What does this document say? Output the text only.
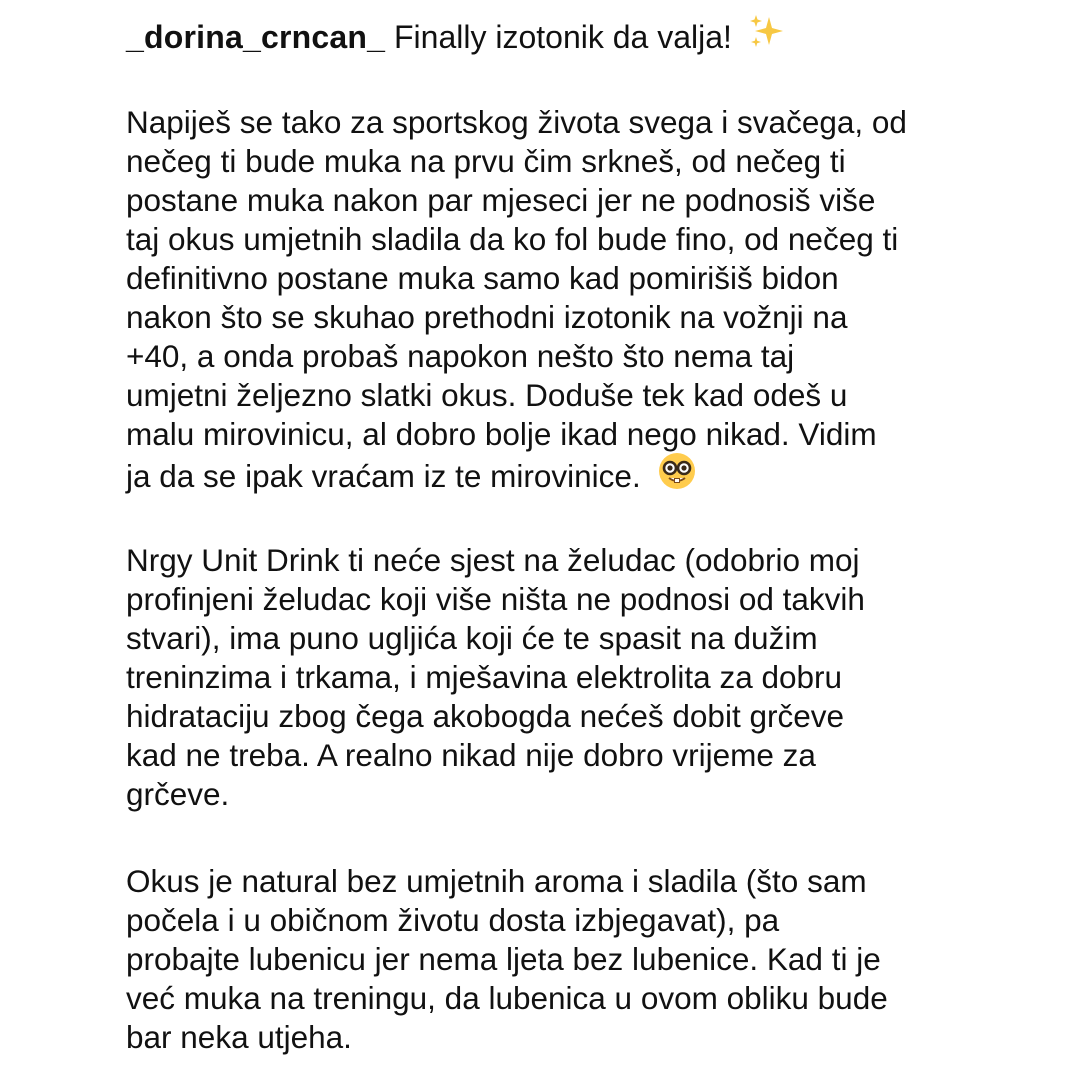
_dorina_crncan_ Finally izotonik da valja!
Napiješ se tako za sportskog života svega i svačega, od
nečeg ti bude muka na prvu čim srkneš, od nečeg ti
postane muka nakon par mjeseci jer ne podnosiš više
taj okus umjetnih sladila da ko fol bude fino, od nečeg ti
definitivno postane muka samo kad pomirišiš bidon
nakon što se skuhao prethodni izotonik na vožnji na
+40, a onda probaš napokon nešto što nema taj
umjetni željezno slatki okus. Doduše tek kad odeš u
malu mirovinicu, al dobro bolje ikad nego nikad. Vidim
ja da se ipak vraćam iz te mirovinice.
Nrgy Unit Drink ti neće sjest na želudac (odobrio moj
profinjeni želudac koji više ništa ne podnosi od takvih
stvari), ima puno ugljića koji će te spasit na dužim
treninzima i trkama, i mješavina elektrolita za dobru
hidrataciju zbog čega akobogda nećeš dobit grčeve
kad ne treba. A realno nikad nije dobro vrijeme za
grčeve.
Okus je natural bez umjetnih aroma i sladila (što sam
počela i u običnom životu dosta izbjegavat), pa
probajte lubenicu jer nema ljeta bez lubenice. Kad ti je
već muka na treningu, da lubenica u ovom obliku bude
bar neka utjeha.
